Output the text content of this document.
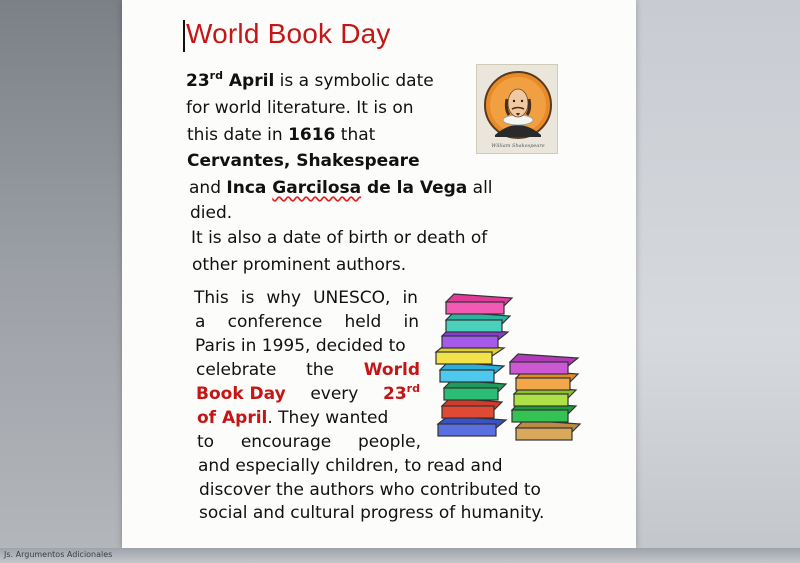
World Book Day
23rd April is a symbolic date
for world literature. It is on
this date in 1616 that
Cervantes, Shakespeare
and Inca Garcilosa de la Vega all
died.
It is also a date of birth or death of
other prominent authors.
This is why UNESCO, in
a conference held in
Paris in 1995, decided to
celebrate the World
Book Day every 23rd
of April. They wanted
to encourage people,
and especially children, to read and
discover the authors who contributed to
social and cultural progress of humanity.
William Shakespeare
Js. Argumentos Adicionales
